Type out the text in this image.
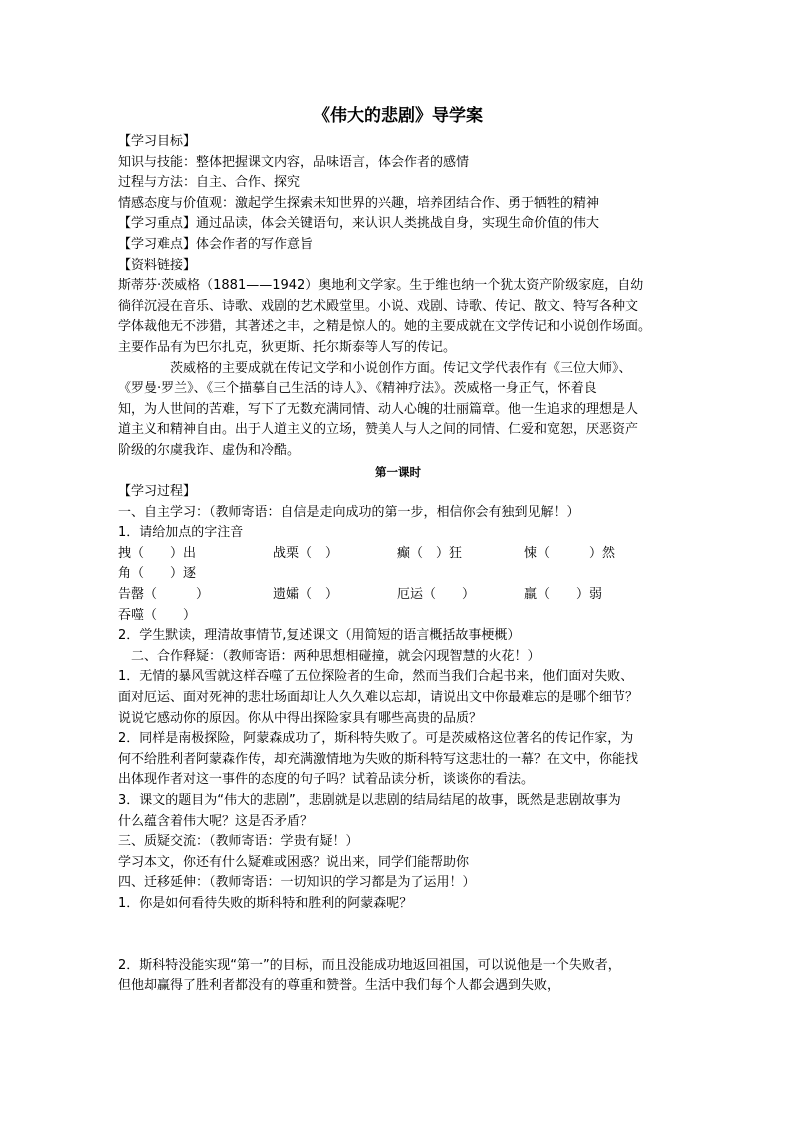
《伟大的悲剧》导学案
【学习目标】
知识与技能：整体把握课文内容，品味语言，体会作者的感情
过程与方法：自主、合作、探究
情感态度与价值观：激起学生探索未知世界的兴趣，培养团结合作、勇于牺牲的精神
【学习重点】通过品读，体会关键语句，来认识人类挑战自身，实现生命价值的伟大
【学习难点】体会作者的写作意旨
【资料链接】
斯蒂芬·茨威格（1881——1942）奥地利文学家。生于维也纳一个犹太资产阶级家庭，自幼
徜徉沉浸在音乐、诗歌、戏剧的艺术殿堂里。小说、戏剧、诗歌、传记、散文、特写各种文
学体裁他无不涉猎，其著述之丰，之精是惊人的。她的主要成就在文学传记和小说创作场面。
主要作品有为巴尔扎克，狄更斯、托尔斯泰等人写的传记。
茨威格的主要成就在传记文学和小说创作方面。传记文学代表作有《三位大师》、
《罗曼·罗兰》、《三个描摹自己生活的诗人》、《精神疗法》。茨威格一身正气，怀着良
知，为人世间的苦难，写下了无数充满同情、动人心魄的壮丽篇章。他一生追求的理想是人
道主义和精神自由。出于人道主义的立场，赞美人与人之间的同情、仁爱和宽恕，厌恶资产
阶级的尔虞我诈、虚伪和冷酷。
第一课时
【学习过程】
一、自主学习：（教师寄语：自信是走向成功的第一步，相信你会有独到见解！）
1．请给加点的字注音
拽（　　）出	战栗（　）	癫（　）狂	悚（　　　）然
角（　　）逐
告罄（　　　）	遗孀（　）	厄运（　　）	羸（　　）弱
吞噬（　　）
2．学生默读，理清故事情节,复述课文（用简短的语言概括故事梗概）
二、合作释疑：（教师寄语：两种思想相碰撞，就会闪现智慧的火花！）
1．无情的暴风雪就这样吞噬了五位探险者的生命，然而当我们合起书来，他们面对失败、
面对厄运、面对死神的悲壮场面却让人久久难以忘却，请说出文中你最难忘的是哪个细节？
说说它感动你的原因。你从中得出探险家具有哪些高贵的品质？
2．同样是南极探险，阿蒙森成功了，斯科特失败了。可是茨威格这位著名的传记作家，为
何不给胜利者阿蒙森作传，却充满激情地为失败的斯科特写这悲壮的一幕？在文中，你能找
出体现作者对这一事件的态度的句子吗？试着品读分析，谈谈你的看法。
3．课文的题目为“伟大的悲剧”，悲剧就是以悲剧的结局结尾的故事，既然是悲剧故事为
什么蕴含着伟大呢？这是否矛盾？
三、质疑交流：（教师寄语：学贵有疑！）
学习本文，你还有什么疑难或困惑？说出来，同学们能帮助你
四、迁移延伸：（教师寄语：一切知识的学习都是为了运用！）
1．你是如何看待失败的斯科特和胜利的阿蒙森呢？
2．斯科特没能实现“第一”的目标，而且没能成功地返回祖国，可以说他是一个失败者，
但他却赢得了胜利者都没有的尊重和赞誉。生活中我们每个人都会遇到失败，
